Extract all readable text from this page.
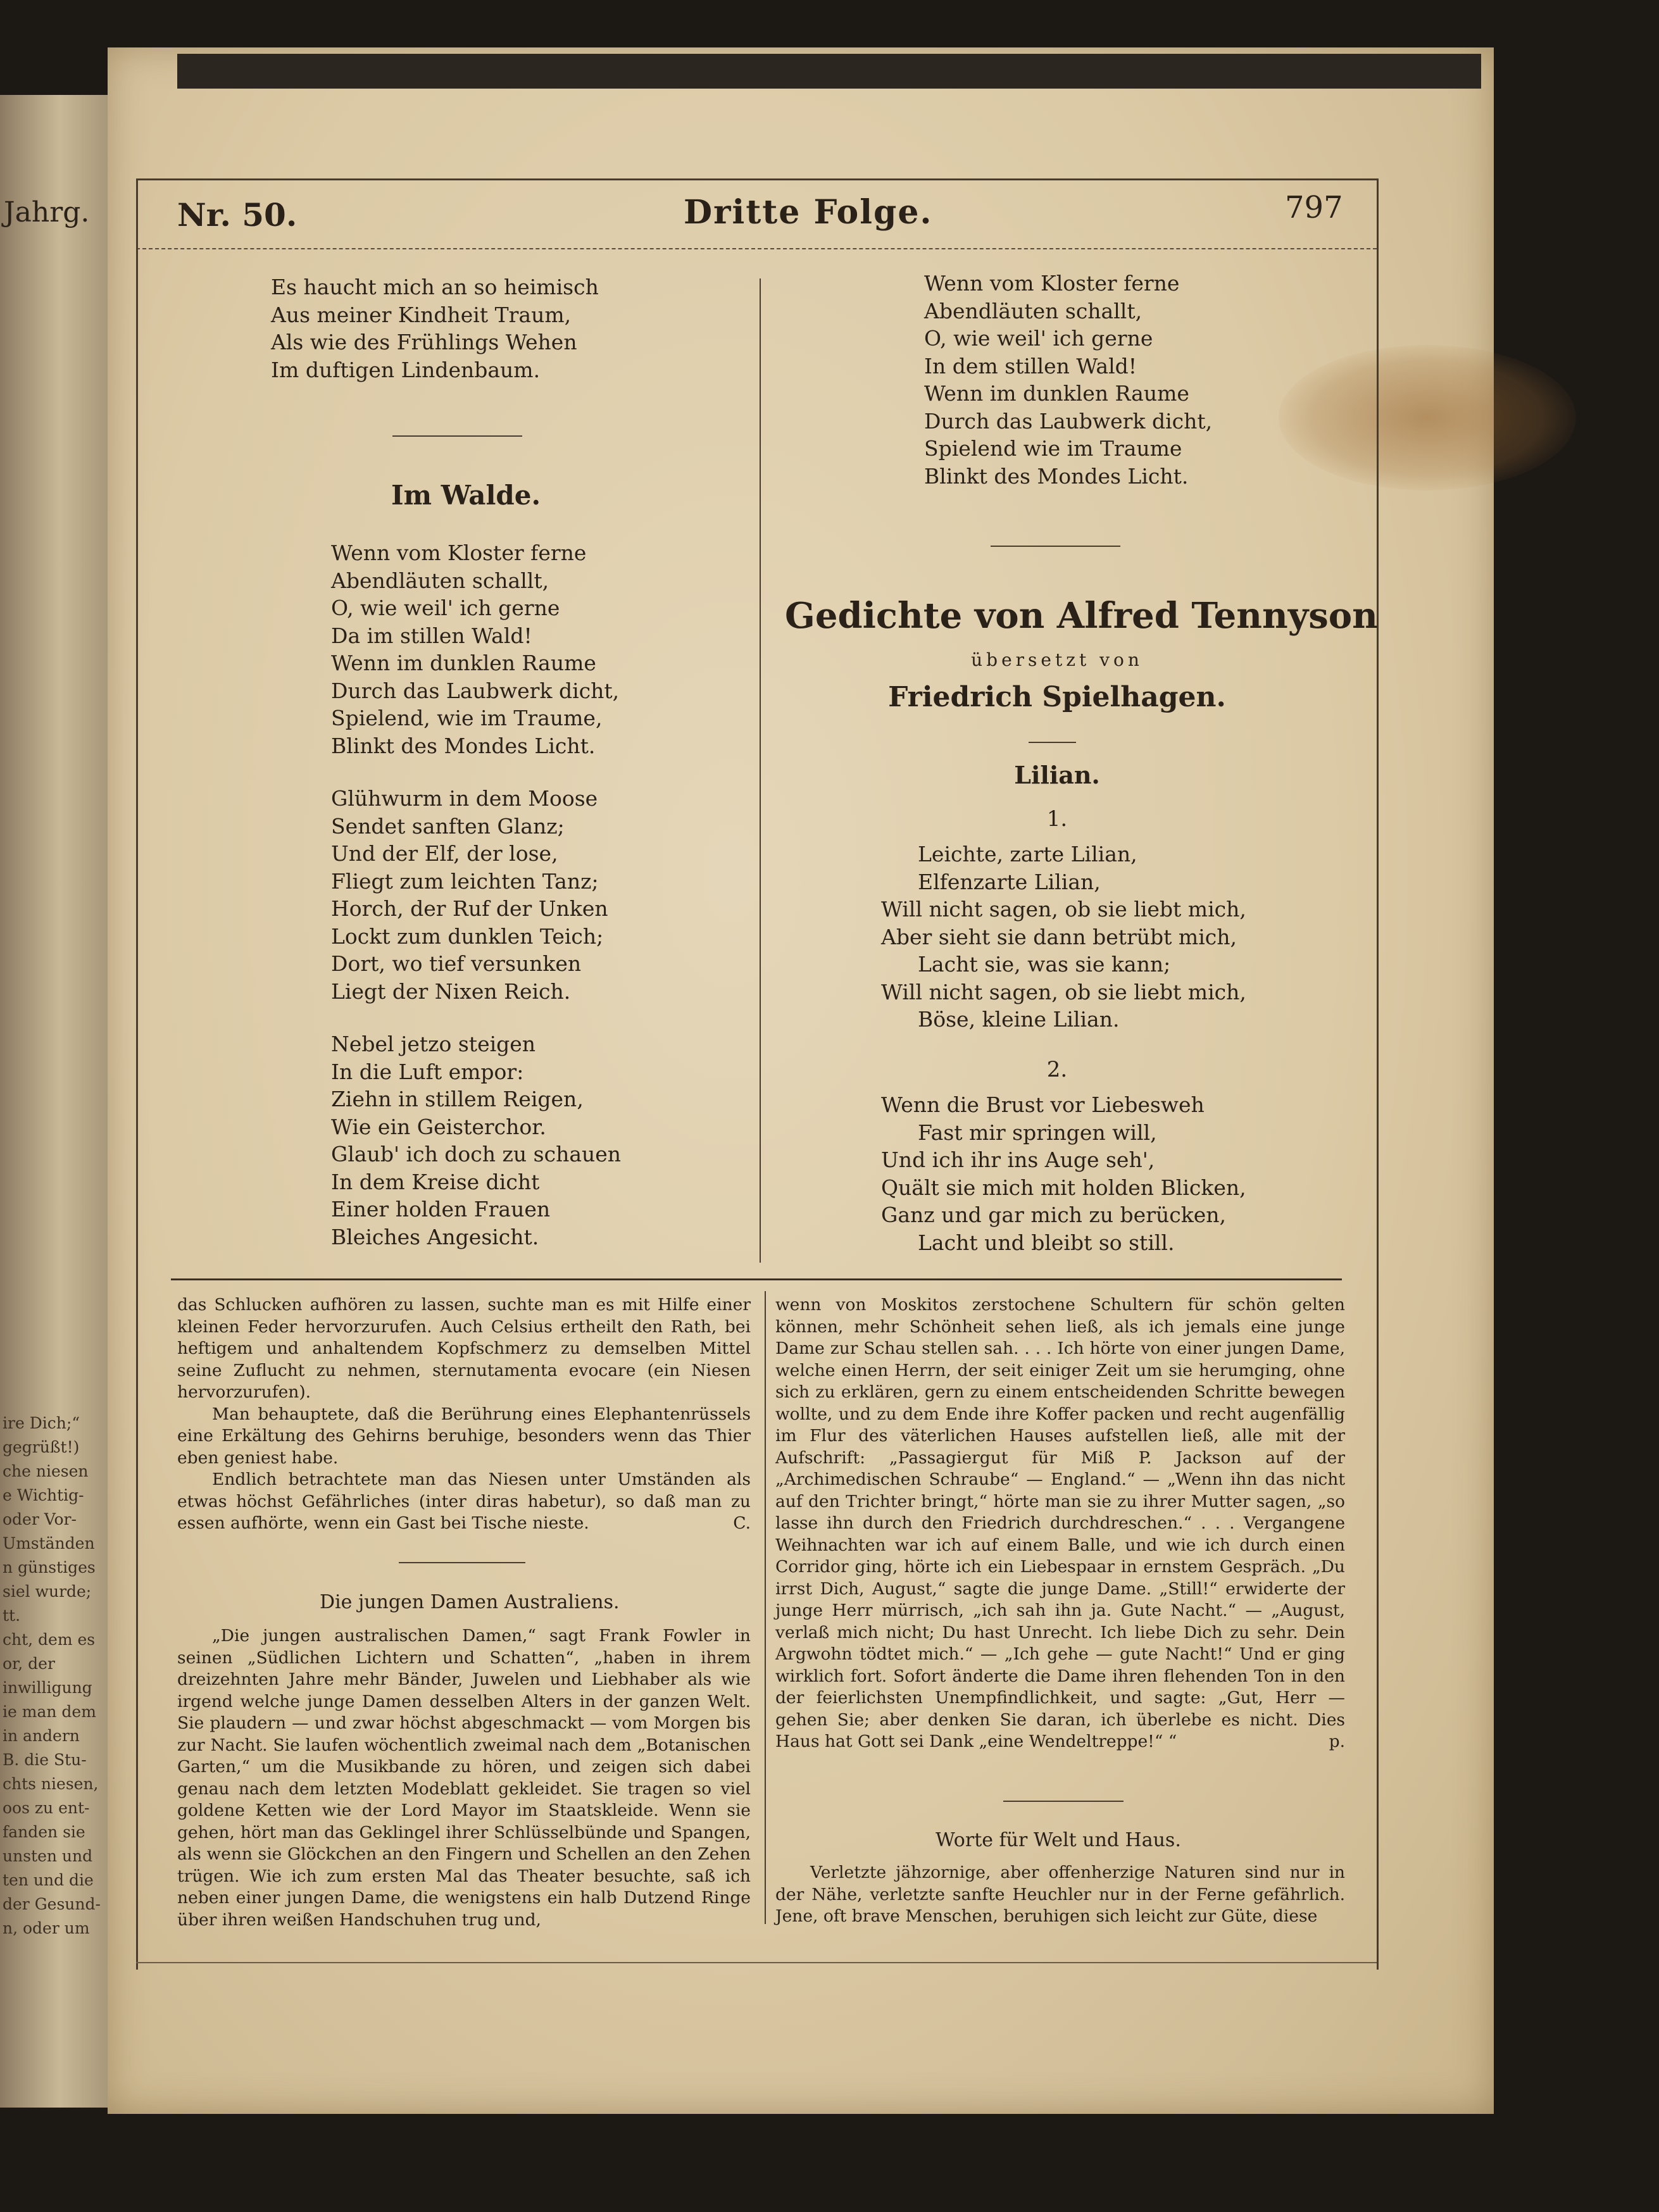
Jahrg.
ire Dich;“
gegrüßt!)
che niesen
e Wichtig-
oder Vor-
Umständen
n günstiges
siel wurde;
tt.
cht, dem es
or, der
inwilligung
ie man dem
in andern
B. die Stu-
chts niesen,
oos zu ent-
fanden sie
unsten und
ten und die
der Gesund-
n, oder um
Nr. 50.	Dritte Folge.	797
Es haucht mich an so heimisch
Aus meiner Kindheit Traum,
Als wie des Frühlings Wehen
Im duftigen Lindenbaum.
Im Walde.
Wenn vom Kloster ferne
Abendläuten schallt,
O, wie weil' ich gerne
Da im stillen Wald!
Wenn im dunklen Raume
Durch das Laubwerk dicht,
Spielend, wie im Traume,
Blinkt des Mondes Licht.
Glühwurm in dem Moose
Sendet sanften Glanz;
Und der Elf, der lose,
Fliegt zum leichten Tanz;
Horch, der Ruf der Unken
Lockt zum dunklen Teich;
Dort, wo tief versunken
Liegt der Nixen Reich.
Nebel jetzo steigen
In die Luft empor:
Ziehn in stillem Reigen,
Wie ein Geisterchor.
Glaub' ich doch zu schauen
In dem Kreise dicht
Einer holden Frauen
Bleiches Angesicht.
Wenn vom Kloster ferne
Abendläuten schallt,
O, wie weil' ich gerne
In dem stillen Wald!
Wenn im dunklen Raume
Durch das Laubwerk dicht,
Spielend wie im Traume
Blinkt des Mondes Licht.
Gedichte von Alfred Tennyson
übersetzt von
Friedrich Spielhagen.
Lilian.
1.
Leichte, zarte Lilian,
Elfenzarte Lilian,
Will nicht sagen, ob sie liebt mich,
Aber sieht sie dann betrübt mich,
Lacht sie, was sie kann;
Will nicht sagen, ob sie liebt mich,
Böse, kleine Lilian.
2.
Wenn die Brust vor Liebesweh
Fast mir springen will,
Und ich ihr ins Auge seh',
Quält sie mich mit holden Blicken,
Ganz und gar mich zu berücken,
Lacht und bleibt so still.

das Schlucken aufhören zu lassen, suchte man es mit Hilfe einer kleinen Feder hervorzurufen. Auch Celsius ertheilt den Rath, bei heftigem und anhaltendem Kopfschmerz zu demselben Mittel seine Zuflucht zu nehmen, sternutamenta evocare (ein Niesen hervorzurufen).

Man behauptete, daß die Berührung eines Elephantenrüssels eine Erkältung des Gehirns beruhige, besonders wenn das Thier eben geniest habe.

Endlich betrachtete man das Niesen unter Umständen als etwas höchst Gefährliches (inter diras habetur), so daß man zu essen aufhörte, wenn ein Gast bei Tische nieste.	C.

Die jungen Damen Australiens.

„Die jungen australischen Damen,“ sagt Frank Fowler in seinen „Südlichen Lichtern und Schatten“, „haben in ihrem dreizehnten Jahre mehr Bänder, Juwelen und Liebhaber als wie irgend welche junge Damen desselben Alters in der ganzen Welt. Sie plaudern — und zwar höchst abgeschmackt — vom Morgen bis zur Nacht. Sie laufen wöchentlich zweimal nach dem „Botanischen Garten,“ um die Musikbande zu hören, und zeigen sich dabei genau nach dem letzten Modeblatt gekleidet. Sie tragen so viel goldene Ketten wie der Lord Mayor im Staatskleide. Wenn sie gehen, hört man das Geklingel ihrer Schlüsselbünde und Spangen, als wenn sie Glöckchen an den Fingern und Schellen an den Zehen trügen. Wie ich zum ersten Mal das Theater besuchte, saß ich neben einer jungen Dame, die wenigstens ein halb Dutzend Ringe über ihren weißen Handschuhen trug und,

wenn von Moskitos zerstochene Schultern für schön gelten können, mehr Schönheit sehen ließ, als ich jemals eine junge Dame zur Schau stellen sah. . . . Ich hörte von einer jungen Dame, welche einen Herrn, der seit einiger Zeit um sie herumging, ohne sich zu erklären, gern zu einem entscheidenden Schritte bewegen wollte, und zu dem Ende ihre Koffer packen und recht augenfällig im Flur des väterlichen Hauses aufstellen ließ, alle mit der Aufschrift: „Passagiergut für Miß P. Jackson auf der „Archimedischen Schraube“ — England.“ — „Wenn ihn das nicht auf den Trichter bringt,“ hörte man sie zu ihrer Mutter sagen, „so lasse ihn durch den Friedrich durchdreschen.“ . . . Vergangene Weihnachten war ich auf einem Balle, und wie ich durch einen Corridor ging, hörte ich ein Liebespaar in ernstem Gespräch. „Du irrst Dich, August,“ sagte die junge Dame. „Still!“ erwiderte der junge Herr mürrisch, „ich sah ihn ja. Gute Nacht.“ — „August, verlaß mich nicht; Du hast Unrecht. Ich liebe Dich zu sehr. Dein Argwohn tödtet mich.“ — „Ich gehe — gute Nacht!“ Und er ging wirklich fort. Sofort änderte die Dame ihren flehenden Ton in den der feierlichsten Unempfindlichkeit, und sagte: „Gut, Herr — gehen Sie; aber denken Sie daran, ich überlebe es nicht. Dies Haus hat Gott sei Dank „eine Wendeltreppe!“ “	p.

Worte für Welt und Haus.

Verletzte jähzornige, aber offenherzige Naturen sind nur in der Nähe, verletzte sanfte Heuchler nur in der Ferne gefährlich. Jene, oft brave Menschen, beruhigen sich leicht zur Güte, diese
